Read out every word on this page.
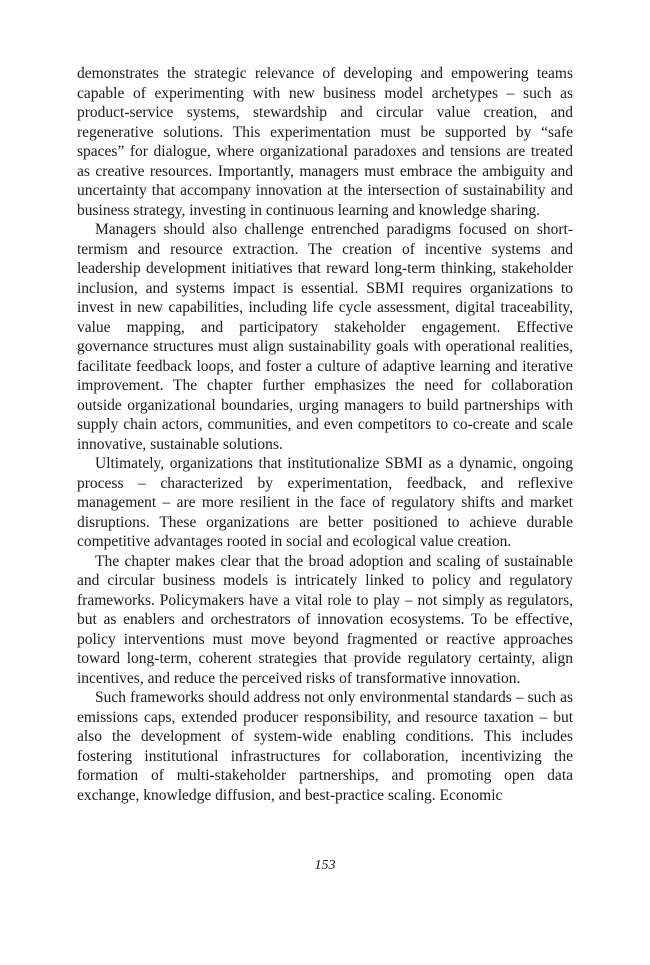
demonstrates the strategic relevance of developing and empowering teams capable of experimenting with new business model archetypes – such as product-service systems, stewardship and circular value creation, and regenerative solutions. This experimentation must be supported by “safe spaces” for dialogue, where organizational paradoxes and tensions are treated as creative resources. Importantly, managers must embrace the ambiguity and uncertainty that accompany innovation at the intersection of sustainability and business strategy, investing in continuous learning and knowledge sharing.

Managers should also challenge entrenched paradigms focused on short-termism and resource extraction. The creation of incentive systems and leadership development initiatives that reward long-term thinking, stakeholder inclusion, and systems impact is essential. SBMI requires organizations to invest in new capabilities, including life cycle assessment, digital traceability, value mapping, and participatory stakeholder engagement. Effective governance structures must align sustainability goals with operational realities, facilitate feedback loops, and foster a culture of adaptive learning and iterative improvement. The chapter further emphasizes the need for collaboration outside organizational boundaries, urging managers to build partnerships with supply chain actors, communities, and even competitors to co-create and scale innovative, sustainable solutions.

Ultimately, organizations that institutionalize SBMI as a dynamic, ongoing process – characterized by experimentation, feedback, and reflexive management – are more resilient in the face of regulatory shifts and market disruptions. These organizations are better positioned to achieve durable competitive advantages rooted in social and ecological value creation.

The chapter makes clear that the broad adoption and scaling of sustainable and circular business models is intricately linked to policy and regulatory frameworks. Policymakers have a vital role to play – not simply as regulators, but as enablers and orchestrators of innovation ecosystems. To be effective, policy interventions must move beyond fragmented or reactive approaches toward long-term, coherent strategies that provide regulatory certainty, align incentives, and reduce the perceived risks of transformative innovation.

Such frameworks should address not only environmental standards – such as emissions caps, extended producer responsibility, and resource taxation – but also the development of system-wide enabling conditions. This includes fostering institutional infrastructures for collaboration, incentivizing the formation of multi-stakeholder partnerships, and promoting open data exchange, knowledge diffusion, and best-practice scaling. Economic

153
